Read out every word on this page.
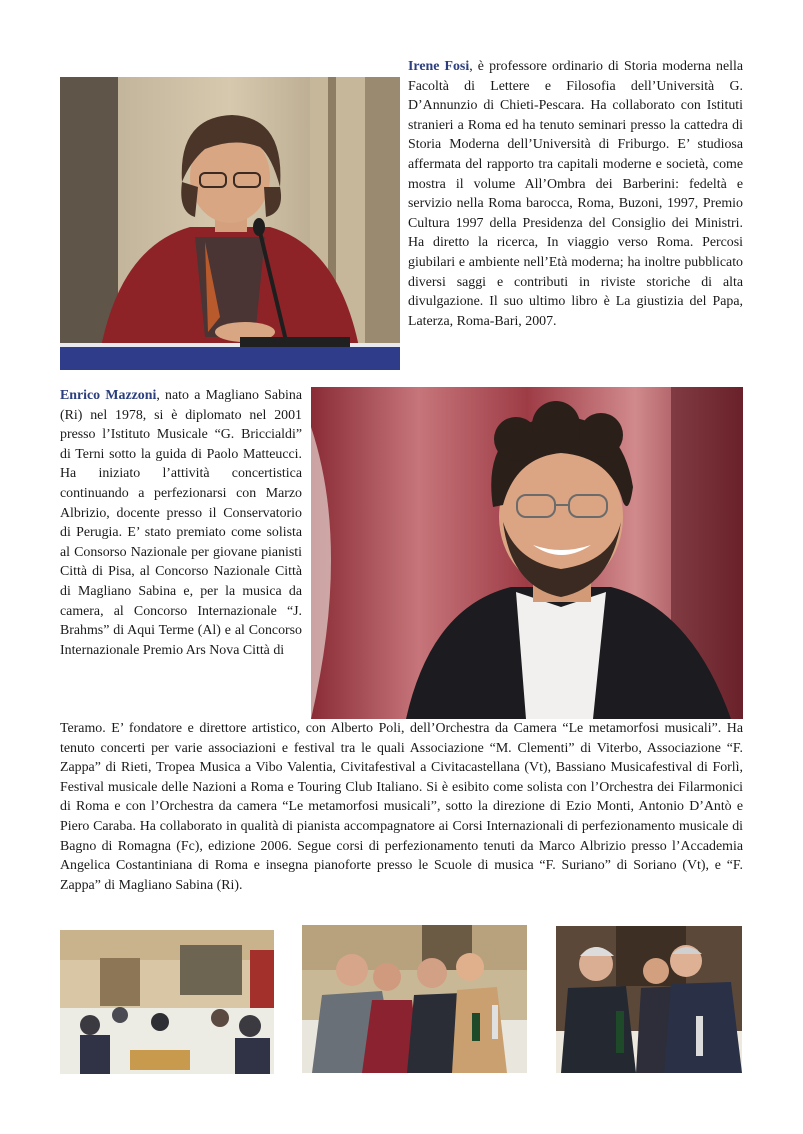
Irene Fosi, è professore ordinario di Storia moderna nella Facoltà di Lettere e Filosofia dell’Università G. D’Annunzio di Chieti-Pescara. Ha collaborato con Istituti stranieri a Roma ed ha tenuto seminari presso la cattedra di Storia Moderna dell’Università di Friburgo. E’ studiosa affermata del rapporto tra capitali moderne e società, come mostra il volume All’Ombra dei Barberini: fedeltà e servizio nella Roma barocca, Roma, Buzoni, 1997, Premio Cultura 1997 della Presidenza del Consiglio dei Ministri. Ha diretto la ricerca, In viaggio verso Roma. Percosi giubilari e ambiente nell’Età moderna; ha inoltre pubblicato diversi saggi e contributi in riviste storiche di alta divulgazione. Il suo ultimo libro è La giustizia del Papa, Laterza, Roma-Bari, 2007.
Enrico Mazzoni, nato a Magliano Sabina (Ri) nel 1978, si è diplomato nel 2001 presso l’Istituto Musicale “G. Briccialdi” di Terni sotto la guida di Paolo Matteucci. Ha iniziato l’attività concertistica continuando a perfezionarsi con Marzo Albrizio, docente presso il Conservatorio di Perugia. E’ stato premiato come solista al Consorso Nazionale per giovane pianisti Città di Pisa, al Concorso Nazionale Città di Magliano Sabina e, per la musica da camera, al Concorso Internazionale “J. Brahms” di Aqui Terme (Al) e al Concorso Internazionale Premio Ars Nova Città di
Teramo. E’ fondatore e direttore artistico, con Alberto Poli, dell’Orchestra da Camera “Le metamorfosi musicali”. Ha tenuto concerti per varie associazioni e festival tra le quali Associazione “M. Clementi” di Viterbo, Associazione “F. Zappa” di Rieti, Tropea Musica a Vibo Valentia, Civitafestival a Civitacastellana (Vt), Bassiano Musicafestival di Forlì, Festival musicale delle Nazioni a Roma e Touring Club Italiano. Si è esibito come solista con l’Orchestra dei Filarmonici di Roma e con l’Orchestra da camera “Le metamorfosi musicali”, sotto la direzione di Ezio Monti, Antonio D’Antò e Piero Caraba. Ha collaborato in qualità di pianista accompagnatore ai Corsi Internazionali di perfezionamento musicale di Bagno di Romagna (Fc), edizione 2006. Segue corsi di perfezionamento tenuti da Marco Albrizio presso l’Accademia Angelica Costantiniana di Roma e insegna pianoforte presso le Scuole di musica “F. Suriano” di Soriano (Vt), e “F. Zappa” di Magliano Sabina (Ri).
